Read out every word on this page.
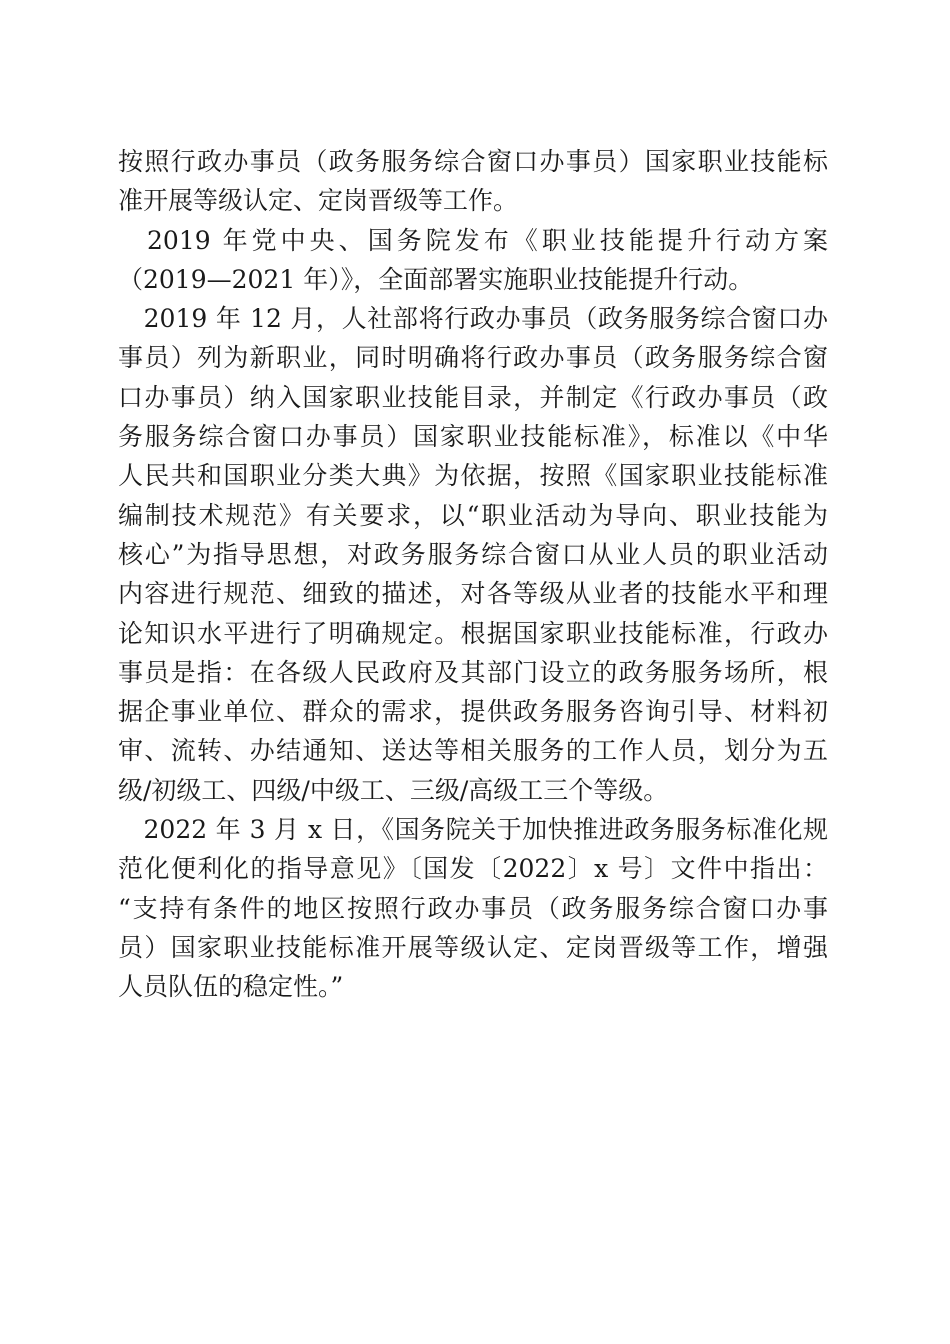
按照行政办事员（政务服务综合窗口办事员）国家职业技能标
准开展等级认定、定岗晋级等工作。
　2019 年党中央、国务院发布《职业技能提升行动方案
（2019—2021 年）》，全面部署实施职业技能提升行动。
　2019 年 12 月，人社部将行政办事员（政务服务综合窗口办
事员）列为新职业，同时明确将行政办事员（政务服务综合窗
口办事员）纳入国家职业技能目录，并制定《行政办事员（政
务服务综合窗口办事员）国家职业技能标准》，标准以《中华
人民共和国职业分类大典》为依据，按照《国家职业技能标准
编制技术规范》有关要求，以“职业活动为导向、职业技能为
核心”为指导思想，对政务服务综合窗口从业人员的职业活动
内容进行规范、细致的描述，对各等级从业者的技能水平和理
论知识水平进行了明确规定。根据国家职业技能标准，行政办
事员是指：在各级人民政府及其部门设立的政务服务场所，根
据企事业单位、群众的需求，提供政务服务咨询引导、材料初
审、流转、办结通知、送达等相关服务的工作人员，划分为五
级/初级工、四级/中级工、三级/高级工三个等级。
　2022 年 3 月 x 日，《国务院关于加快推进政务服务标准化规
范化便利化的指导意见》〔国发〔2022〕x 号〕文件中指出：
“支持有条件的地区按照行政办事员（政务服务综合窗口办事
员）国家职业技能标准开展等级认定、定岗晋级等工作，增强
人员队伍的稳定性。”
